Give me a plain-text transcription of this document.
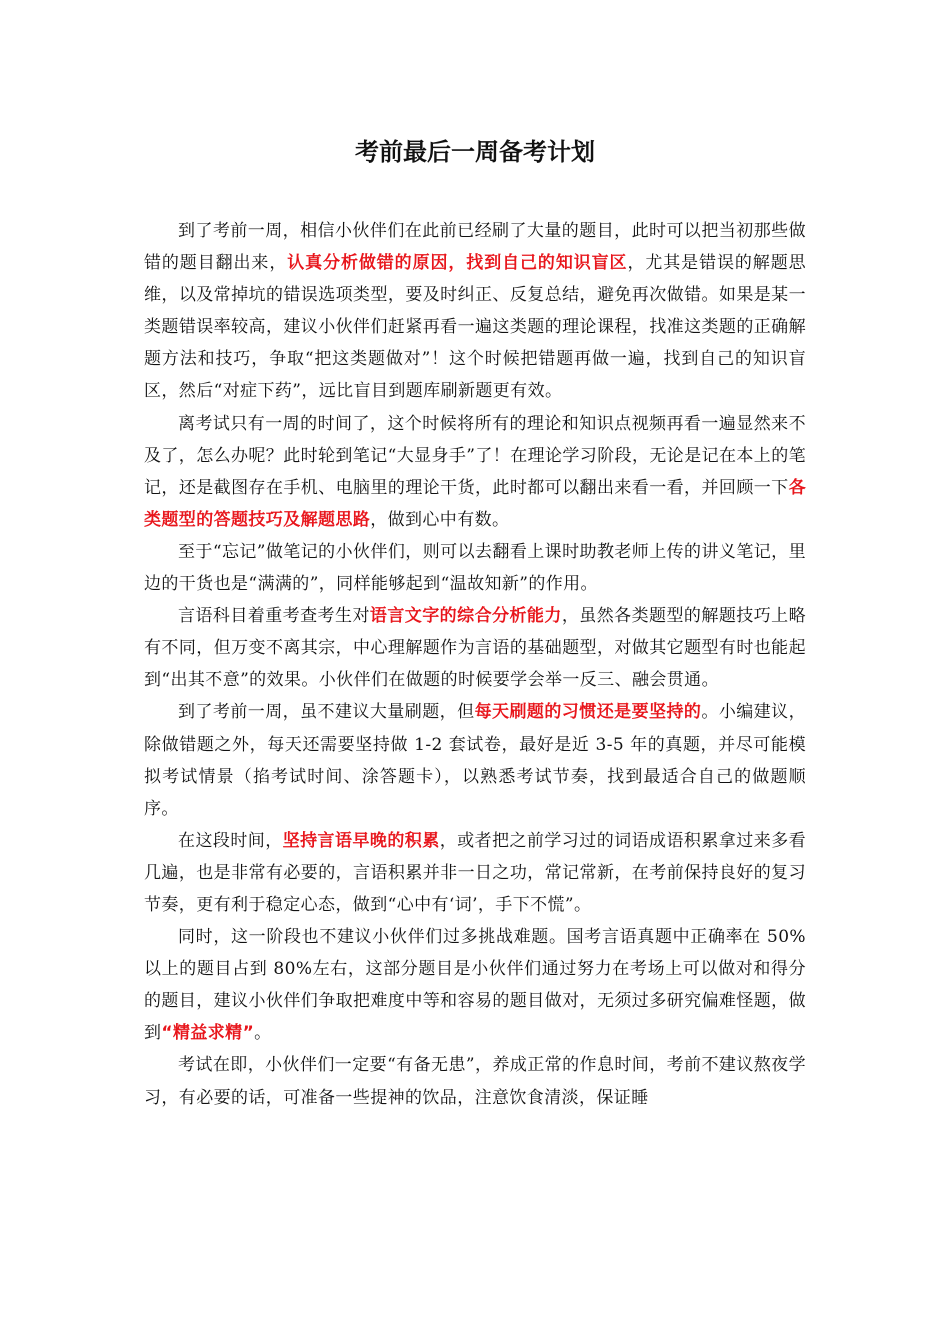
考前最后一周备考计划

到了考前一周，相信小伙伴们在此前已经刷了大量的题目，此时可以把当初那些做错的题目翻出来，认真分析做错的原因，找到自己的知识盲区，尤其是错误的解题思维，以及常掉坑的错误选项类型，要及时纠正、反复总结，避免再次做错。如果是某一类题错误率较高，建议小伙伴们赶紧再看一遍这类题的理论课程，找准这类题的正确解题方法和技巧，争取“把这类题做对”！这个时候把错题再做一遍，找到自己的知识盲区，然后“对症下药”，远比盲目到题库刷新题更有效。

离考试只有一周的时间了，这个时候将所有的理论和知识点视频再看一遍显然来不及了，怎么办呢？此时轮到笔记“大显身手”了！在理论学习阶段，无论是记在本上的笔记，还是截图存在手机、电脑里的理论干货，此时都可以翻出来看一看，并回顾一下各类题型的答题技巧及解题思路，做到心中有数。

至于“忘记”做笔记的小伙伴们，则可以去翻看上课时助教老师上传的讲义笔记，里边的干货也是“满满的”，同样能够起到“温故知新”的作用。

言语科目着重考查考生对语言文字的综合分析能力，虽然各类题型的解题技巧上略有不同，但万变不离其宗，中心理解题作为言语的基础题型，对做其它题型有时也能起到“出其不意”的效果。小伙伴们在做题的时候要学会举一反三、融会贯通。

到了考前一周，虽不建议大量刷题，但每天刷题的习惯还是要坚持的。小编建议，除做错题之外，每天还需要坚持做 1-2 套试卷，最好是近 3-5 年的真题，并尽可能模拟考试情景（掐考试时间、涂答题卡），以熟悉考试节奏，找到最适合自己的做题顺序。

在这段时间，坚持言语早晚的积累，或者把之前学习过的词语成语积累拿过来多看几遍，也是非常有必要的，言语积累并非一日之功，常记常新，在考前保持良好的复习节奏，更有利于稳定心态，做到“心中有‘词’，手下不慌”。

同时，这一阶段也不建议小伙伴们过多挑战难题。国考言语真题中正确率在 50%以上的题目占到 80%左右，这部分题目是小伙伴们通过努力在考场上可以做对和得分的题目，建议小伙伴们争取把难度中等和容易的题目做对，无须过多研究偏难怪题，做到“精益求精”。

考试在即，小伙伴们一定要“有备无患”，养成正常的作息时间，考前不建议熬夜学习，有必要的话，可准备一些提神的饮品，注意饮食清淡，保证睡
